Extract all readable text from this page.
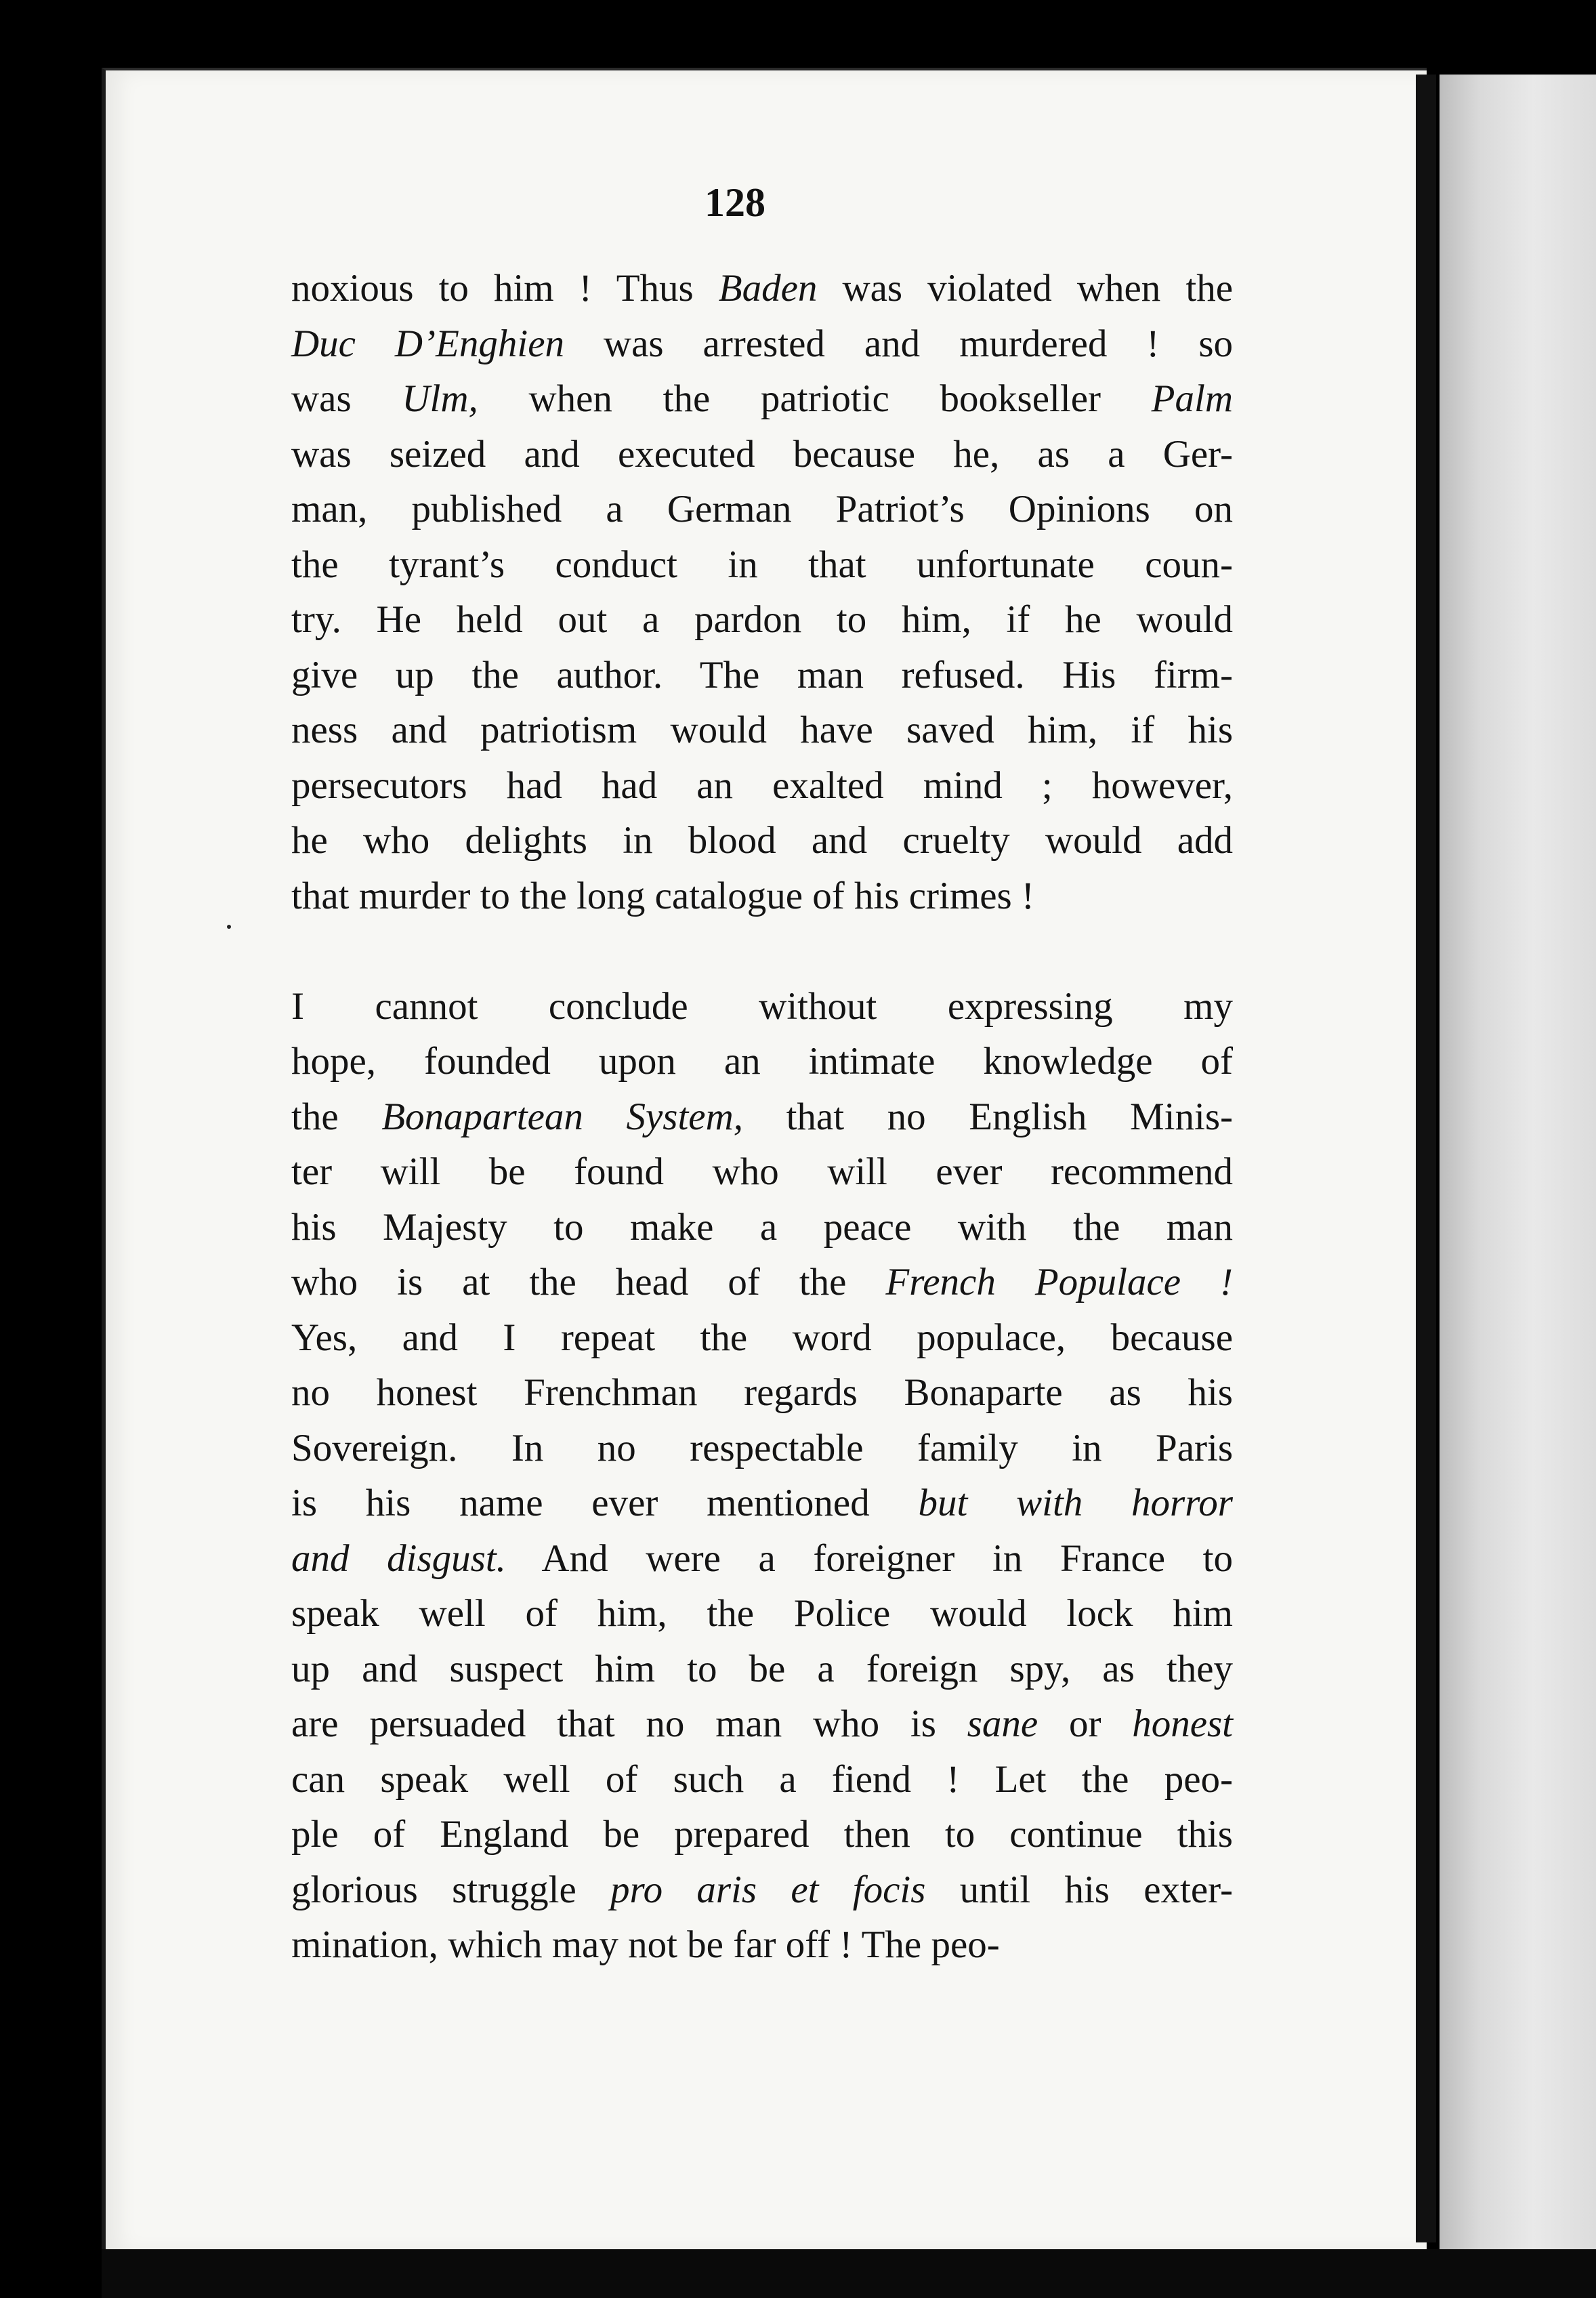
128
noxious to him ! Thus Baden was violated when the
Duc D’Enghien was arrested and murdered ! so
was Ulm, when the patriotic bookseller Palm
was seized and executed because he, as a Ger-
man, published a German Patriot’s Opinions on
the tyrant’s conduct in that unfortunate coun-
try. He held out a pardon to him, if he would
give up the author. The man refused. His firm-
ness and patriotism would have saved him, if his
persecutors had had an exalted mind ; however,
he who delights in blood and cruelty would add
that murder to the long catalogue of his crimes !
I cannot conclude without expressing my
hope, founded upon an intimate knowledge of
the Bonapartean System, that no English Minis-
ter will be found who will ever recommend
his Majesty to make a peace with the man
who is at the head of the French Populace !
Yes, and I repeat the word populace, because
no honest Frenchman regards Bonaparte as his
Sovereign. In no respectable family in Paris
is his name ever mentioned but with horror
and disgust. And were a foreigner in France to
speak well of him, the Police would lock him
up and suspect him to be a foreign spy, as they
are persuaded that no man who is sane or honest
can speak well of such a fiend ! Let the peo-
ple of England be prepared then to continue this
glorious struggle pro aris et focis until his exter-
mination, which may not be far off ! The peo-
